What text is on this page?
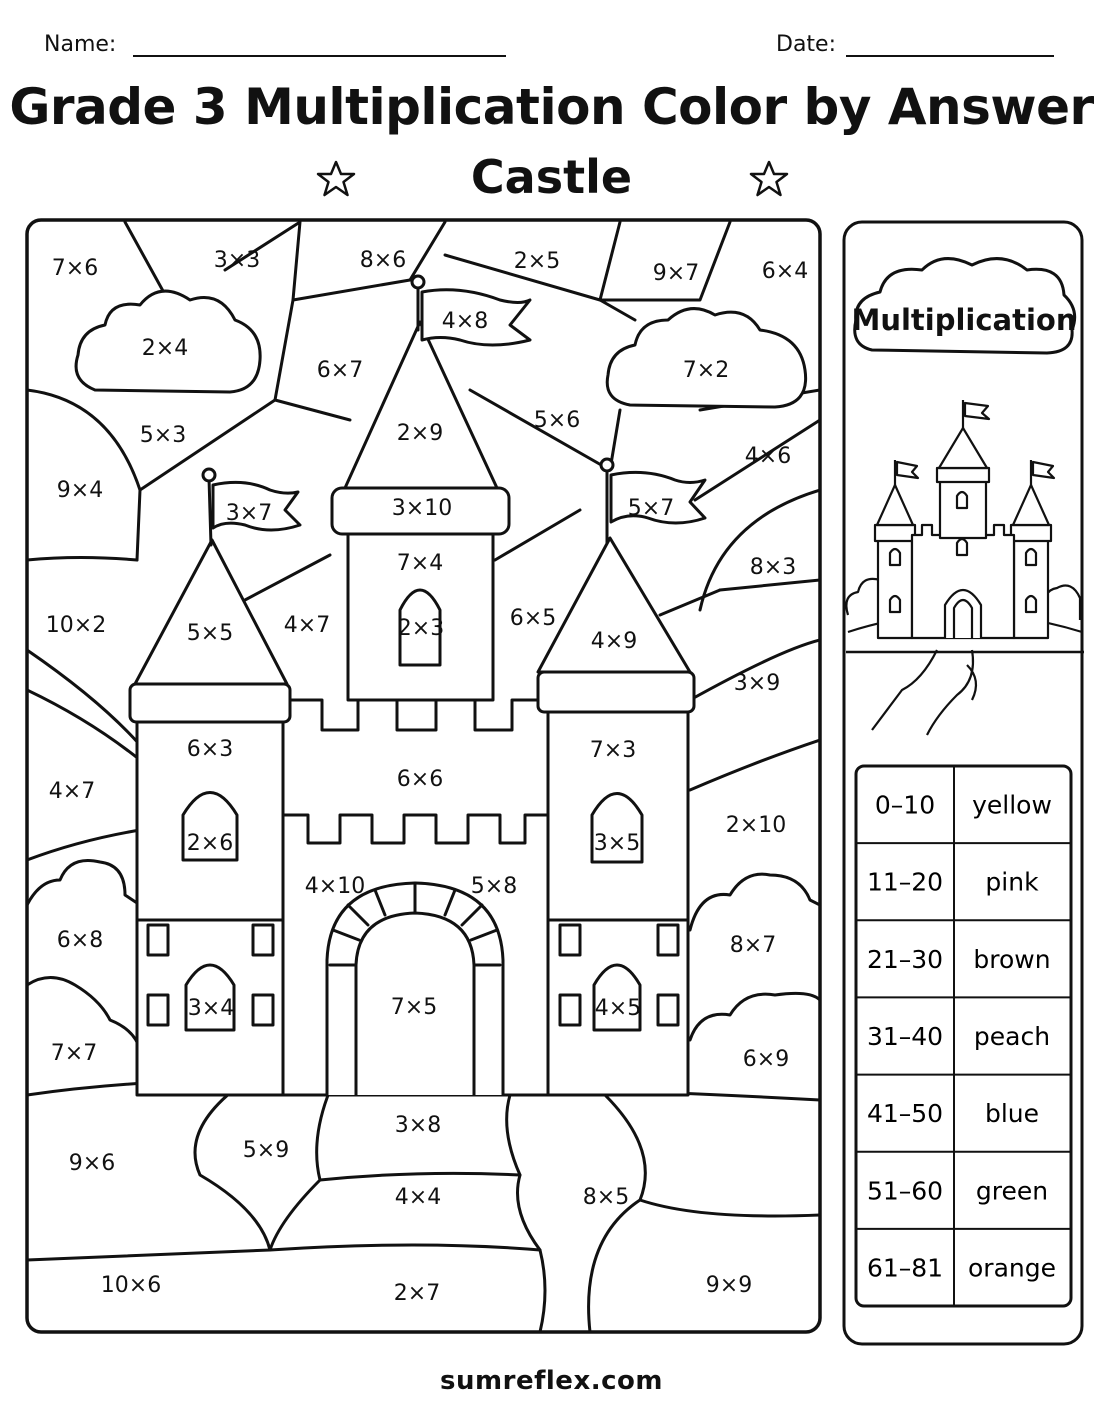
Name:	Date:
Grade 3 Multiplication Color by Answer
Castle
7×6	3×3	8×6	2×5	9×7	6×4
2×4
4×8
6×7	7×2
5×3
5×6
2×9
4×6
9×4
3×7	3×10	5×7
7×4	8×3
10×2	5×5 4×7	2×3	6×5
4×9
3×9
6×3	7×3
6×6
4×7
2×6	3×5
2×10
4×10	5×8
6×8	8×7
3×4	7×5	4×5
7×7	6×9
3×8
9×6
5×9
4×4	8×5
10×6	2×7	9×9
Multiplication
0–10 yellow
11–20 pink
21–30 brown
31–40 peach
41–50 blue
51–60 green
61–81 orange
sumreflex.com
